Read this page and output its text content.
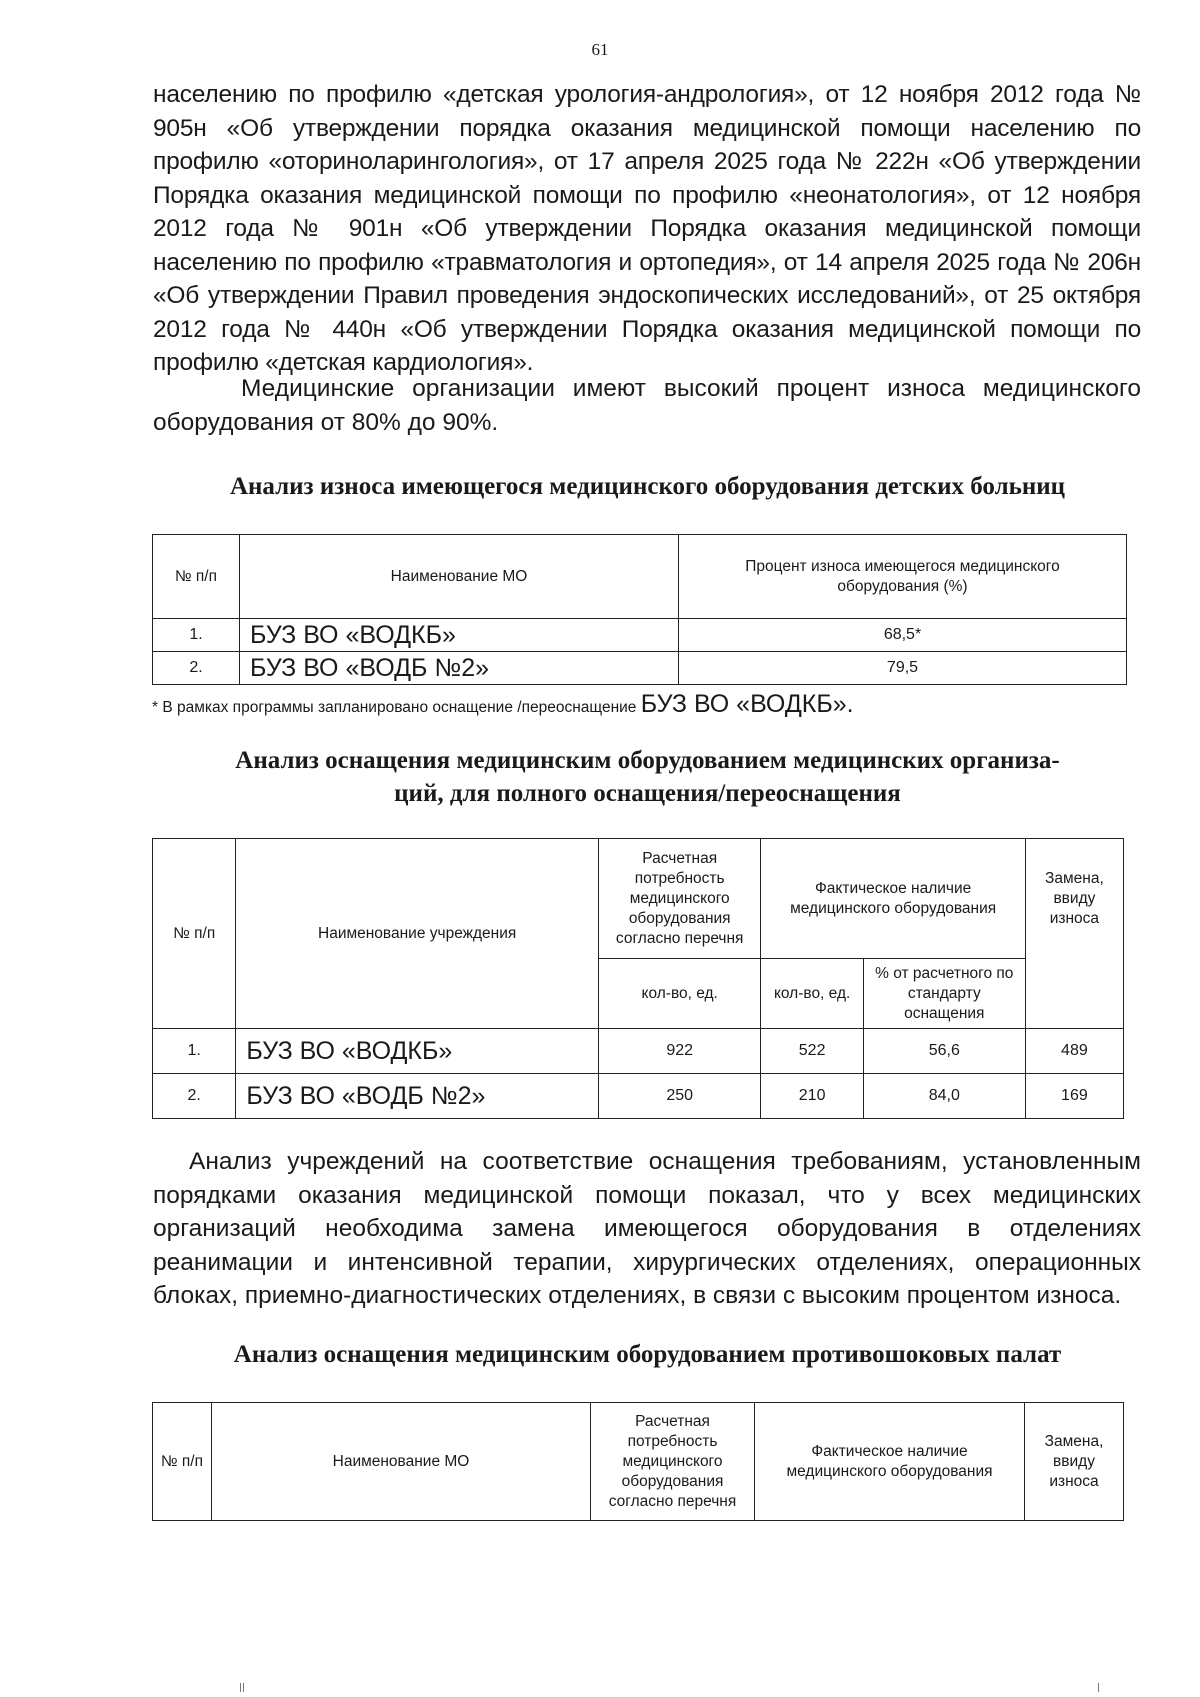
61

населению по профилю «детская урология-андрология», от 12 ноября 2012 года № 905н «Об утверждении порядка оказания медицинской помощи населению по профилю «оториноларингология», от 17 апреля 2025 года № 222н «Об утверждении Порядка оказания медицинской помощи по профилю «неонатология», от 12 ноября 2012 года № 901н «Об утверждении Порядка оказания медицинской помощи населению по профилю «травматология и ортопедия», от 14 апреля 2025 года № 206н «Об утверждении Правил проведения эндоскопических исследований», от 25 октября 2012 года № 440н «Об утверждении Порядка оказания медицинской помощи по профилю «детская кардиология».

Медицинские организации имеют высокий процент износа медицинского оборудования от 80% до 90%.

Анализ износа имеющегося медицинского оборудования детских больниц

№ п/п	Наименование МО	Процент износа имеющегося медицинского оборудования (%)
1.	БУЗ ВО «ВОДКБ»	68,5*
2.	БУЗ ВО «ВОДБ №2»	79,5

* В рамках программы запланировано оснащение /переоснащение БУЗ ВО «ВОДКБ».

Анализ оснащения медицинским оборудованием медицинских организа-
ций, для полного оснащения/переоснащения

№ п/п	Наименование учреждения	Расчетная потребность медицинского оборудования согласно перечня	Фактическое наличие медицинского оборудования		Замена, ввиду износа
		кол-во, ед.	кол-во, ед.	% от расчетного по стандарту оснащения	
1.	БУЗ ВО «ВОДКБ»	922	522	56,6	489
2.	БУЗ ВО «ВОДБ №2»	250	210	84,0	169

Анализ учреждений на соответствие оснащения требованиям, установленным порядками оказания медицинской помощи показал, что у всех медицинских организаций необходима замена имеющегося оборудования в отделениях реанимации и интенсивной терапии, хирургических отделениях, операционных блоках, приемно-диагностических отделениях, в связи с высоким процентом износа.

Анализ оснащения медицинским оборудованием противошоковых палат

№ п/п	Наименование МО	Расчетная потребность медицинского оборудования согласно перечня	Фактическое наличие медицинского оборудования	Замена, ввиду износа
